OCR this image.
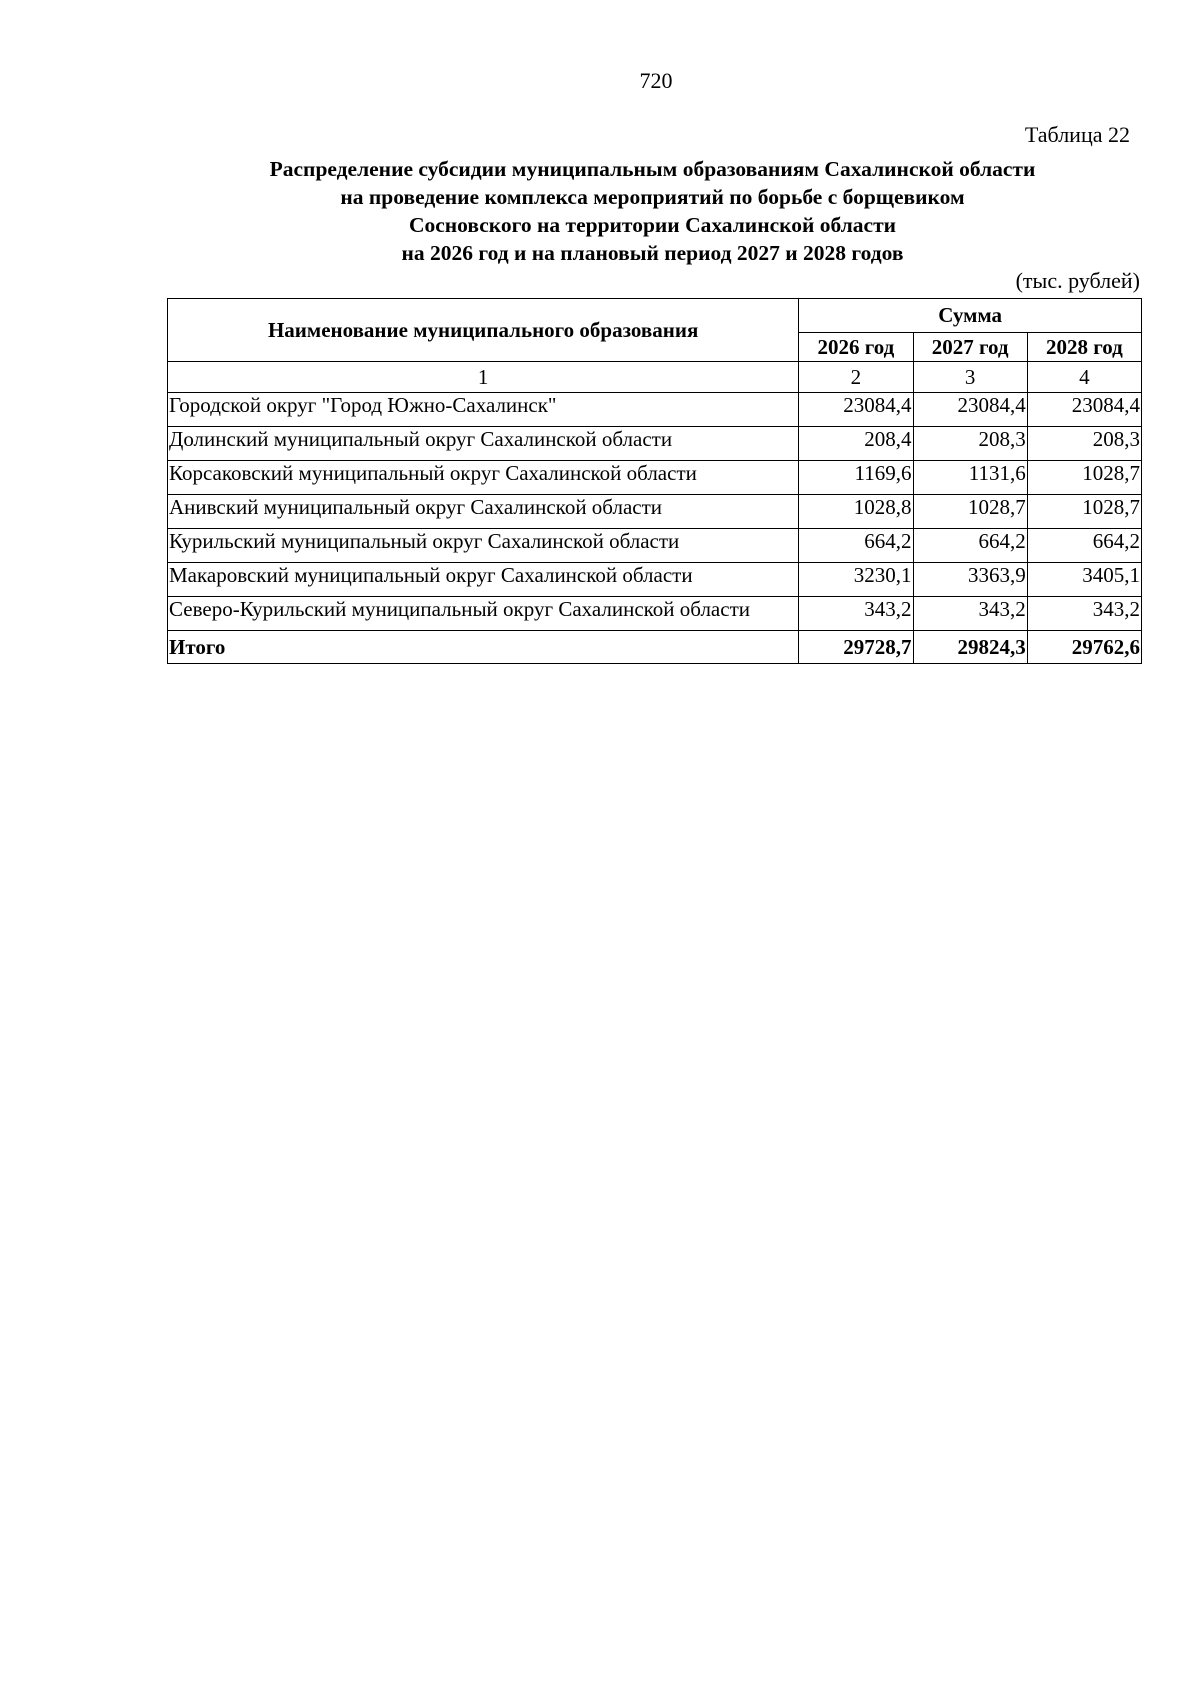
720
Таблица 22
Распределение субсидии муниципальным образованиям Сахалинской области
на проведение комплекса мероприятий по борьбе с борщевиком
Сосновского на территории Сахалинской области
на 2026 год и на плановый период 2027 и 2028 годов
(тыс. рублей)
Наименование муниципального образования	Сумма		
	2026 год	2027 год	2028 год
1	2	3	4
Городской округ "Город Южно-Сахалинск"	23084,4	23084,4	23084,4
Долинский муниципальный округ Сахалинской области	208,4	208,3	208,3
Корсаковский муниципальный округ Сахалинской области	1169,6	1131,6	1028,7
Анивский муниципальный округ Сахалинской области	1028,8	1028,7	1028,7
Курильский муниципальный округ Сахалинской области	664,2	664,2	664,2
Макаровский муниципальный округ Сахалинской области	3230,1	3363,9	3405,1
Северо-Курильский муниципальный округ Сахалинской области	343,2	343,2	343,2
Итого	29728,7	29824,3	29762,6
